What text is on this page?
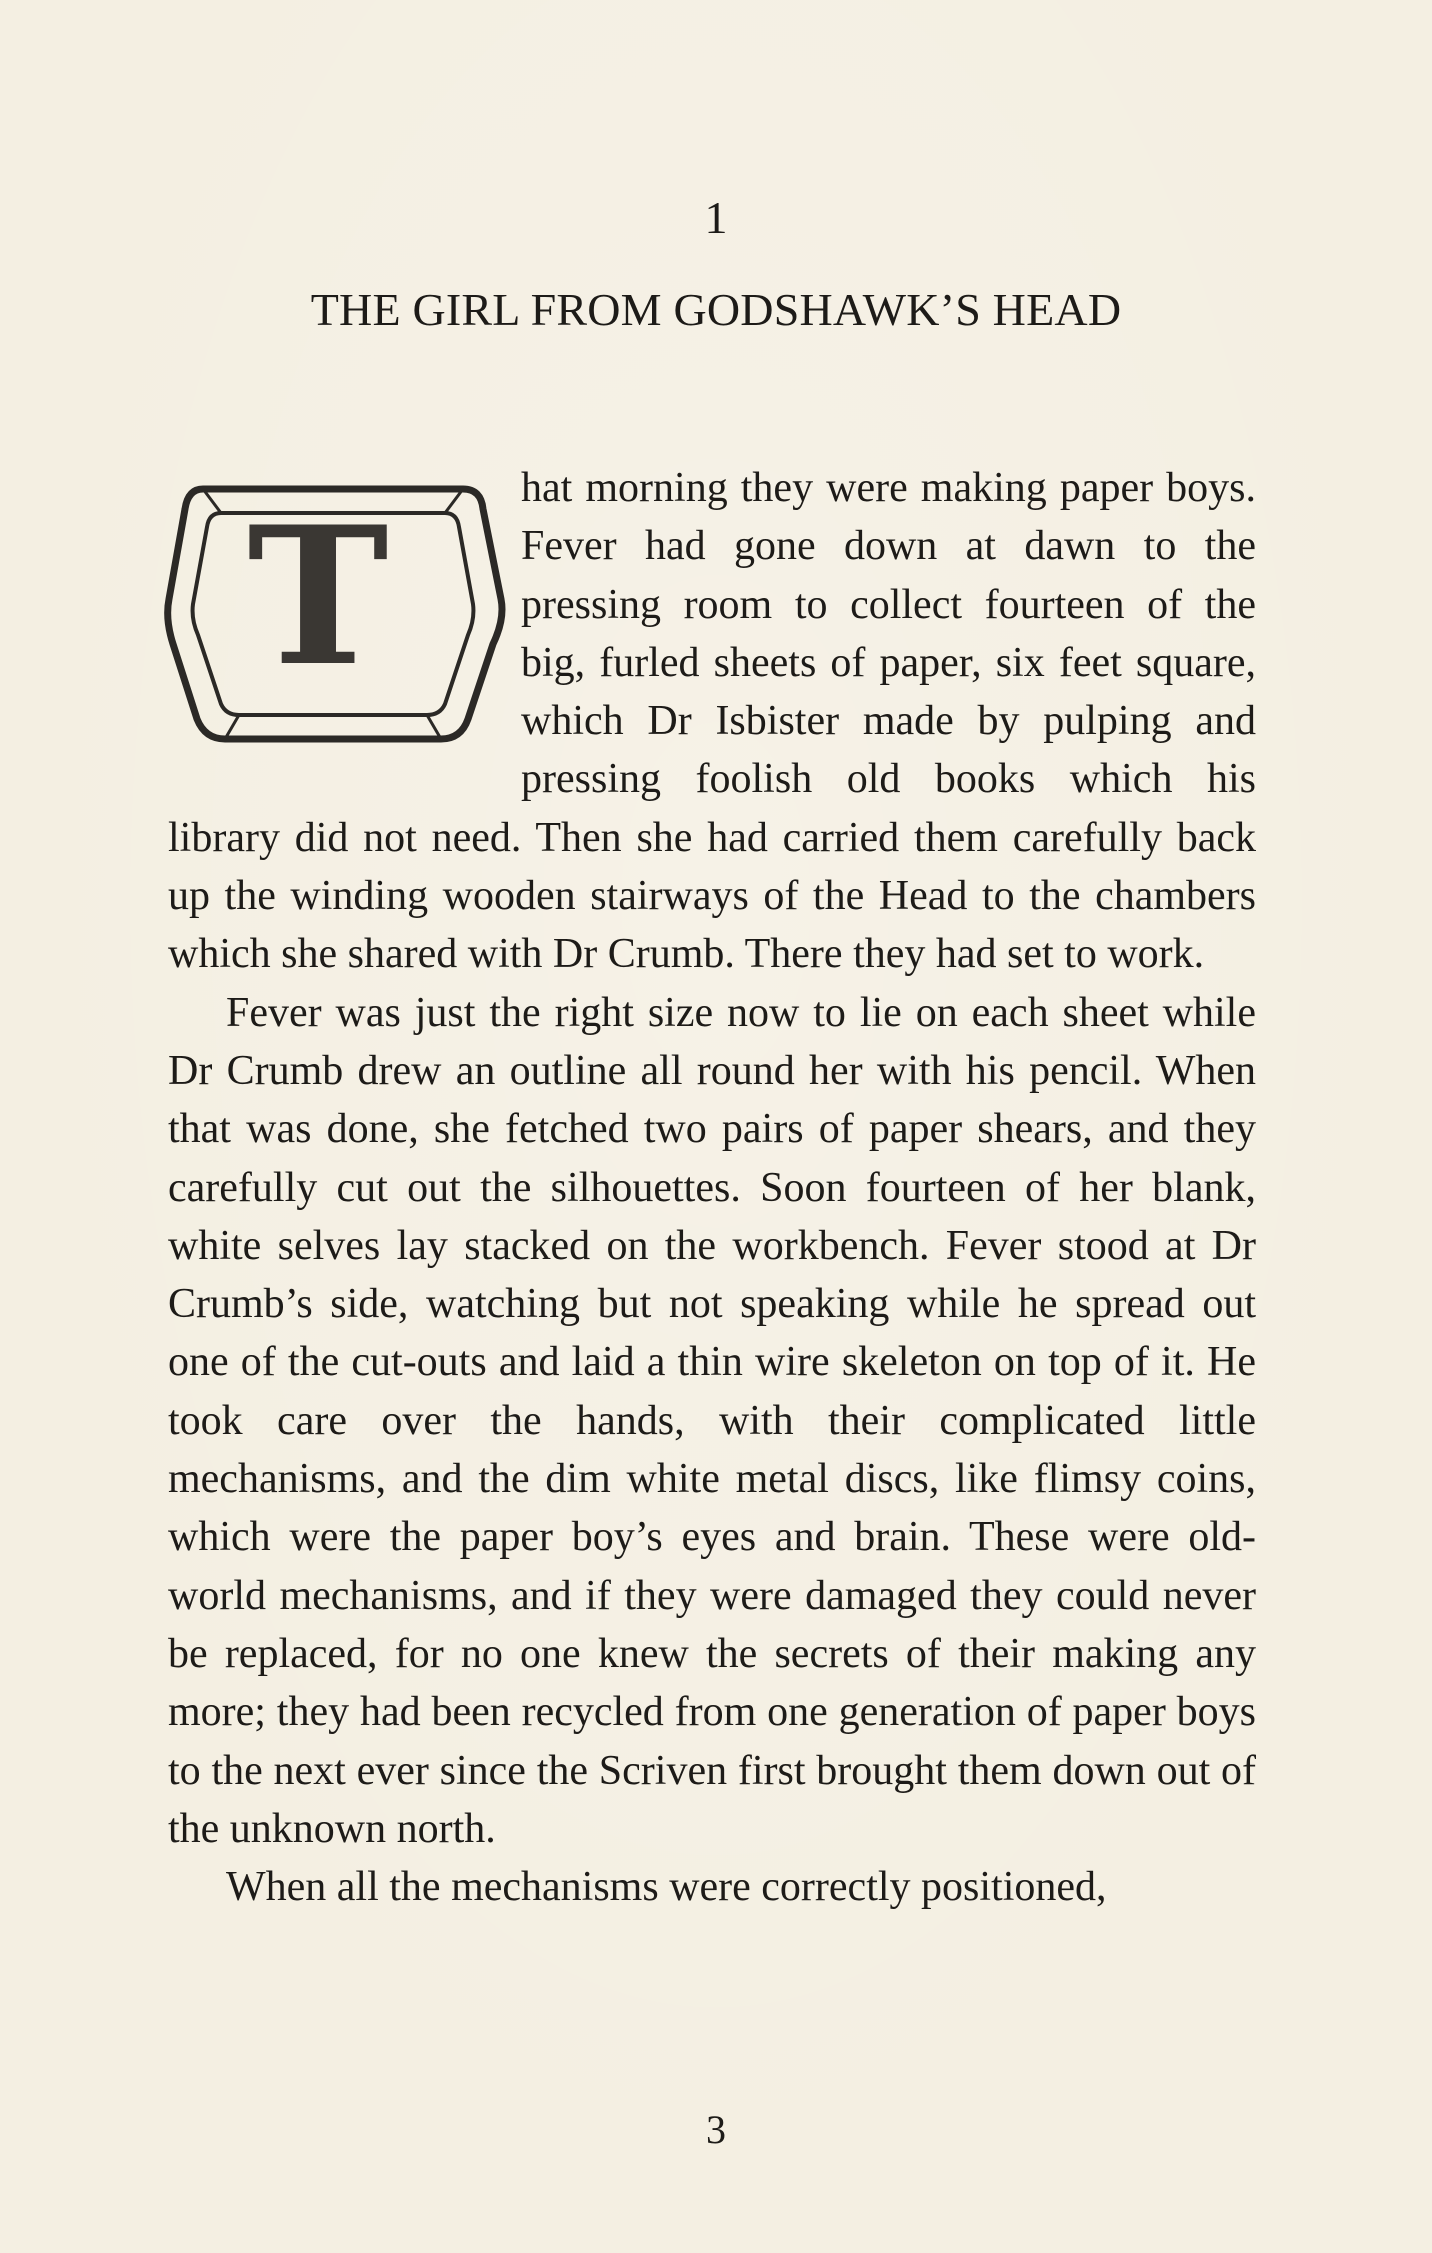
1
THE GIRL FROM GODSHAWK’S HEAD

T	hat morning they were making paper boys. Fever had gone down at dawn to the pressing room to collect fourteen of the big, furled sheets of paper, six feet square, which Dr Isbister made by pulping and pressing foolish old books which his library did not need. Then she had carried them carefully back up the winding wooden stairways of the Head to the chambers which she shared with Dr Crumb. There they had set to work.

Fever was just the right size now to lie on each sheet while Dr Crumb drew an outline all round her with his pencil. When that was done, she fetched two pairs of paper shears, and they carefully cut out the silhouettes. Soon fourteen of her blank, white selves lay stacked on the workbench. Fever stood at Dr Crumb’s side, watching but not speaking while he spread out one of the cut-outs and laid a thin wire skeleton on top of it. He took care over the hands, with their complicated little mechanisms, and the dim white metal discs, like flimsy coins, which were the paper boy’s eyes and brain. These were oldworld mechanisms, and if they were damaged they could never be replaced, for no one knew the secrets of their making any more; they had been recycled from one generation of paper boys to the next ever since the Scriven first brought them down out of the unknown north.

When all the mechanisms were correctly positioned,

3
